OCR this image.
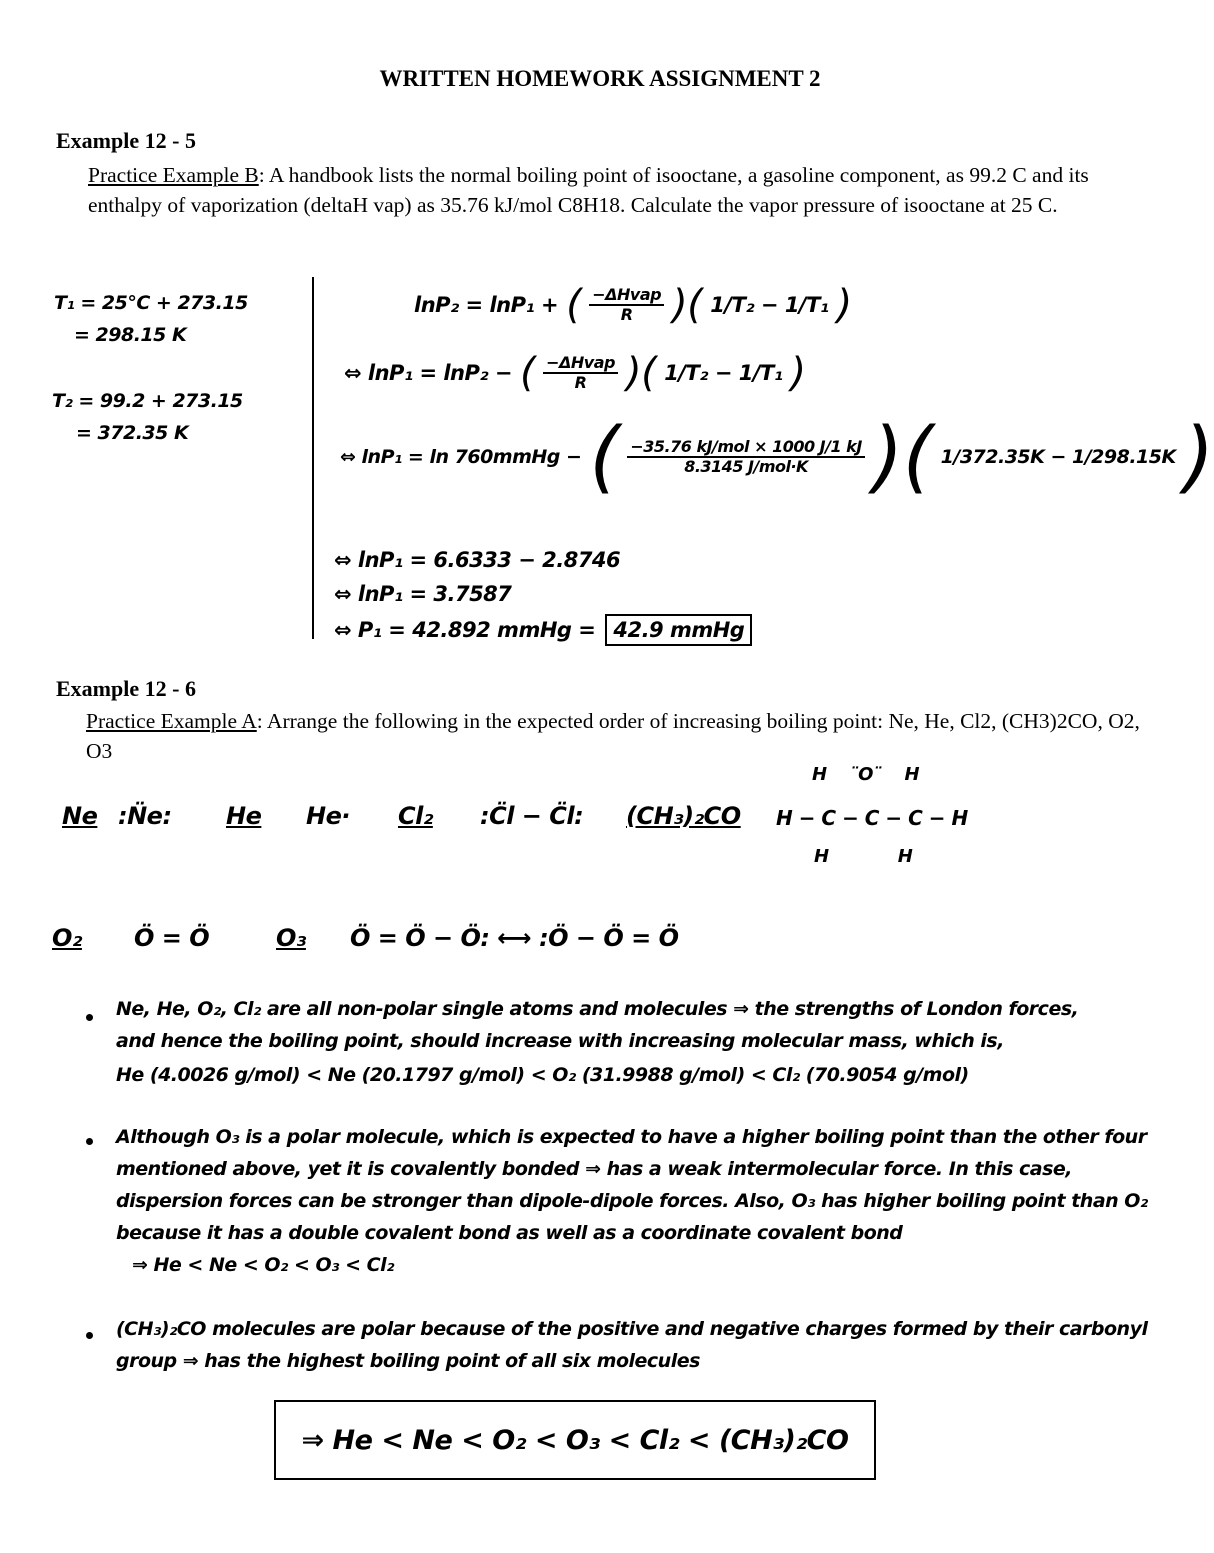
WRITTEN HOMEWORK ASSIGNMENT 2
Example 12 - 5
Practice Example B: A handbook lists the normal boiling point of isooctane, a gasoline component, as 99.2 C and its enthalpy of vaporization (deltaH vap) as 35.76 kJ/mol C8H18. Calculate the vapor pressure of isooctane at 25 C.
T₁ = 25°C + 273.15
= 298.15 K
T₂ = 99.2 + 273.15
= 372.35 K
lnP₂ = lnP₁ + ( $\frac{\text{−ΔHvap}}{R}$ )( 1/T₂ − 1/T₁ )
⇔ lnP₁ = lnP₂ − ( $\frac{\text{−ΔHvap}}{R}$ )( 1/T₂ − 1/T₁ )
⇔ lnP₁ = ln 760mmHg − ( $\frac{\text{−35.76 kJ/mol × 1000 J/1 kJ}}{\text{8.3145 J/mol·K}}$ )( 1/372.35K − 1/298.15K )
⇔ lnP₁ = 6.6333 − 2.8746
⇔ lnP₁ = 3.7587
⇔ P₁ = 42.892 mmHg = 42.9 mmHg
Example 12 - 6
Practice Example A: Arrange the following in the expected order of increasing boiling point: Ne, He, Cl2, (CH3)2CO, O2, O3
Ne :N̈e: He He· Cl₂ :C̈l − C̈l: (CH₃)₂CO
H    ¨O¨    H
H − C − C − C − H
H            H
O₂ Ö = Ö	O₃ Ö = Ö − Ö: ⟷ :Ö − Ö = Ö
Ne, He, O₂, Cl₂ are all non-polar single atoms and molecules ⇒ the strengths of London forces,
and hence the boiling point, should increase with increasing molecular mass, which is,
He (4.0026 g/mol) < Ne (20.1797 g/mol) < O₂ (31.9988 g/mol) < Cl₂ (70.9054 g/mol)
Although O₃ is a polar molecule, which is expected to have a higher boiling point than the other four
mentioned above, yet it is covalently bonded ⇒ has a weak intermolecular force. In this case,
dispersion forces can be stronger than dipole-dipole forces. Also, O₃ has higher boiling point than O₂
because it has a double covalent bond as well as a coordinate covalent bond
⇒ He < Ne < O₂ < O₃ < Cl₂
(CH₃)₂CO molecules are polar because of the positive and negative charges formed by their carbonyl
group ⇒ has the highest boiling point of all six molecules
⇒ He < Ne < O₂ < O₃ < Cl₂ < (CH₃)₂CO
